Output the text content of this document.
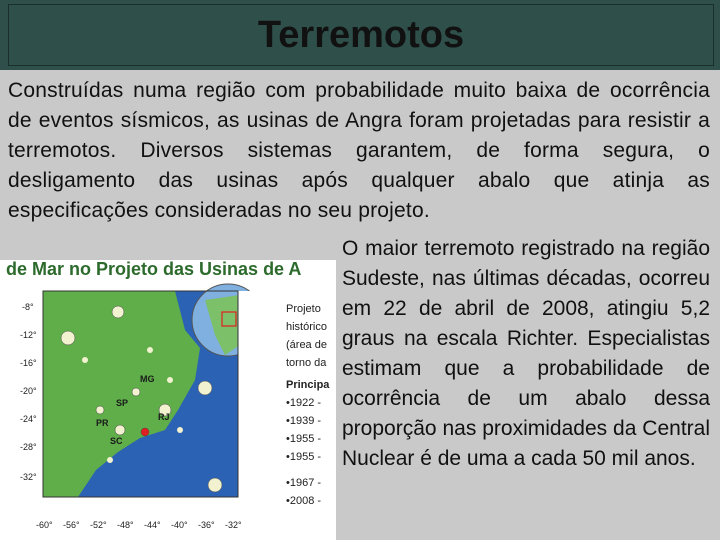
Terremotos

Construídas numa região com probabilidade muito baixa de ocorrência de eventos sísmicos, as usinas de Angra foram projetadas para resistir a terremotos. Diversos sistemas garantem, de forma segura, o desligamento das usinas após qualquer abalo que atinja as especificações consideradas no seu projeto.

de Mar no Projeto das Usinas de A
-8°
-12°
-16°
-20°
-24°
-28°
-32°
-60° -56° -52° -48° -44° -40° -36° -32°
MG
SP
RJ
PR
SC
Projeto
histórico
(área de
torno da
Principa
•1922 -
•1939 -
•1955 -
•1955 -
•1967 -
•2008 -

O maior terremoto registrado na região Sudeste, nas últimas décadas, ocorreu em 22 de abril de 2008, atingiu 5,2 graus na escala Richter. Especialistas estimam que a probabilidade de ocorrência de um abalo dessa proporção nas proximidades da Central Nuclear é de uma a cada 50 mil anos.
